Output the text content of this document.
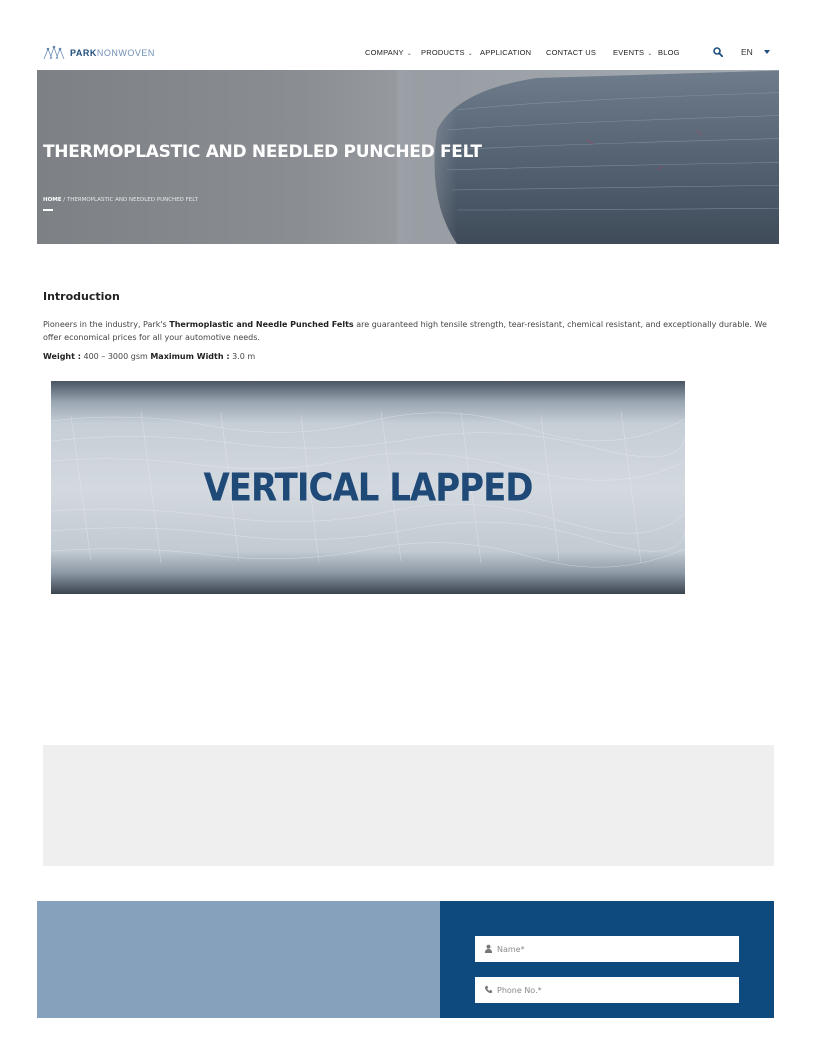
PARKNONWOVEN	COMPANY ⌄ PRODUCTS ⌄ APPLICATION CONTACT US EVENTS ⌄ BLOG	EN
THERMOPLASTIC AND NEEDLED PUNCHED FELT
HOME / THERMOPLASTIC AND NEEDLED PUNCHED FELT
Introduction
Pioneers in the industry, Park's Thermoplastic and Needle Punched Felts are guaranteed high tensile strength, tear-resistant, chemical resistant, and exceptionally durable. We offer economical prices for all your automotive needs.
Weight : 400 – 3000 gsm Maximum Width : 3.0 m
VERTICAL LAPPED
Name*
Phone No.*
